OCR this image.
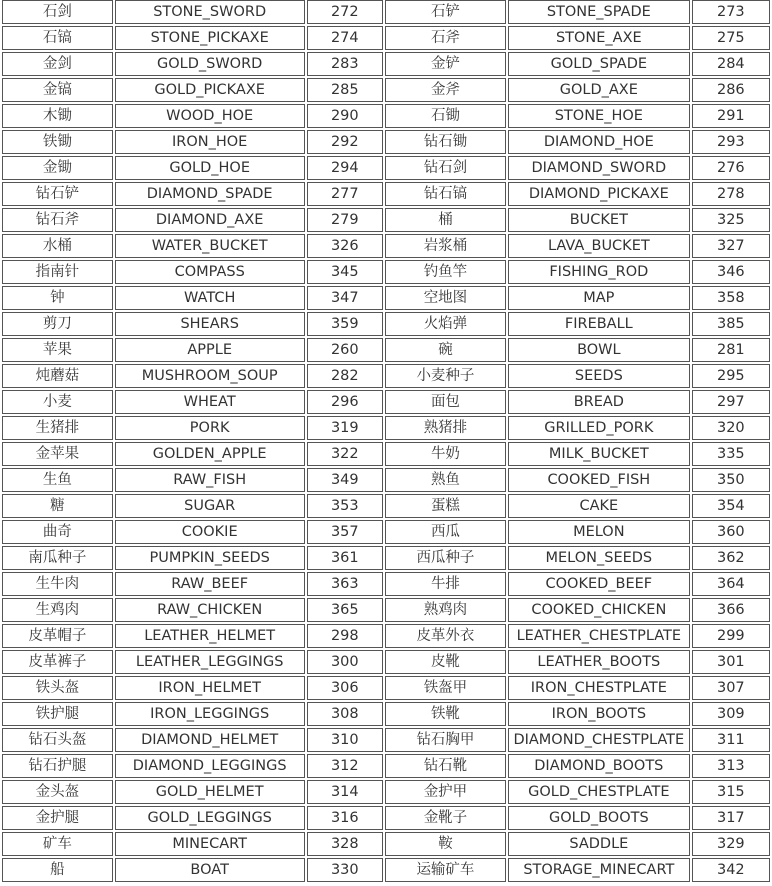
石剑	STONE_SWORD	272	石铲	STONE_SPADE	273
石镐	STONE_PICKAXE	274	石斧	STONE_AXE	275
金剑	GOLD_SWORD	283	金铲	GOLD_SPADE	284
金镐	GOLD_PICKAXE	285	金斧	GOLD_AXE	286
木锄	WOOD_HOE	290	石锄	STONE_HOE	291
铁锄	IRON_HOE	292	钻石锄	DIAMOND_HOE	293
金锄	GOLD_HOE	294	钻石剑	DIAMOND_SWORD	276
钻石铲	DIAMOND_SPADE	277	钻石镐	DIAMOND_PICKAXE	278
钻石斧	DIAMOND_AXE	279	桶	BUCKET	325
水桶	WATER_BUCKET	326	岩浆桶	LAVA_BUCKET	327
指南针	COMPASS	345	钓鱼竿	FISHING_ROD	346
钟	WATCH	347	空地图	MAP	358
剪刀	SHEARS	359	火焰弹	FIREBALL	385
苹果	APPLE	260	碗	BOWL	281
炖蘑菇	MUSHROOM_SOUP	282	小麦种子	SEEDS	295
小麦	WHEAT	296	面包	BREAD	297
生猪排	PORK	319	熟猪排	GRILLED_PORK	320
金苹果	GOLDEN_APPLE	322	牛奶	MILK_BUCKET	335
生鱼	RAW_FISH	349	熟鱼	COOKED_FISH	350
糖	SUGAR	353	蛋糕	CAKE	354
曲奇	COOKIE	357	西瓜	MELON	360
南瓜种子	PUMPKIN_SEEDS	361	西瓜种子	MELON_SEEDS	362
生牛肉	RAW_BEEF	363	牛排	COOKED_BEEF	364
生鸡肉	RAW_CHICKEN	365	熟鸡肉	COOKED_CHICKEN	366
皮革帽子	LEATHER_HELMET	298	皮革外衣	LEATHER_CHESTPLATE	299
皮革裤子	LEATHER_LEGGINGS	300	皮靴	LEATHER_BOOTS	301
铁头盔	IRON_HELMET	306	铁盔甲	IRON_CHESTPLATE	307
铁护腿	IRON_LEGGINGS	308	铁靴	IRON_BOOTS	309
钻石头盔	DIAMOND_HELMET	310	钻石胸甲	DIAMOND_CHESTPLATE	311
钻石护腿	DIAMOND_LEGGINGS	312	钻石靴	DIAMOND_BOOTS	313
金头盔	GOLD_HELMET	314	金护甲	GOLD_CHESTPLATE	315
金护腿	GOLD_LEGGINGS	316	金靴子	GOLD_BOOTS	317
矿车	MINECART	328	鞍	SADDLE	329
船	BOAT	330	运输矿车	STORAGE_MINECART	342
